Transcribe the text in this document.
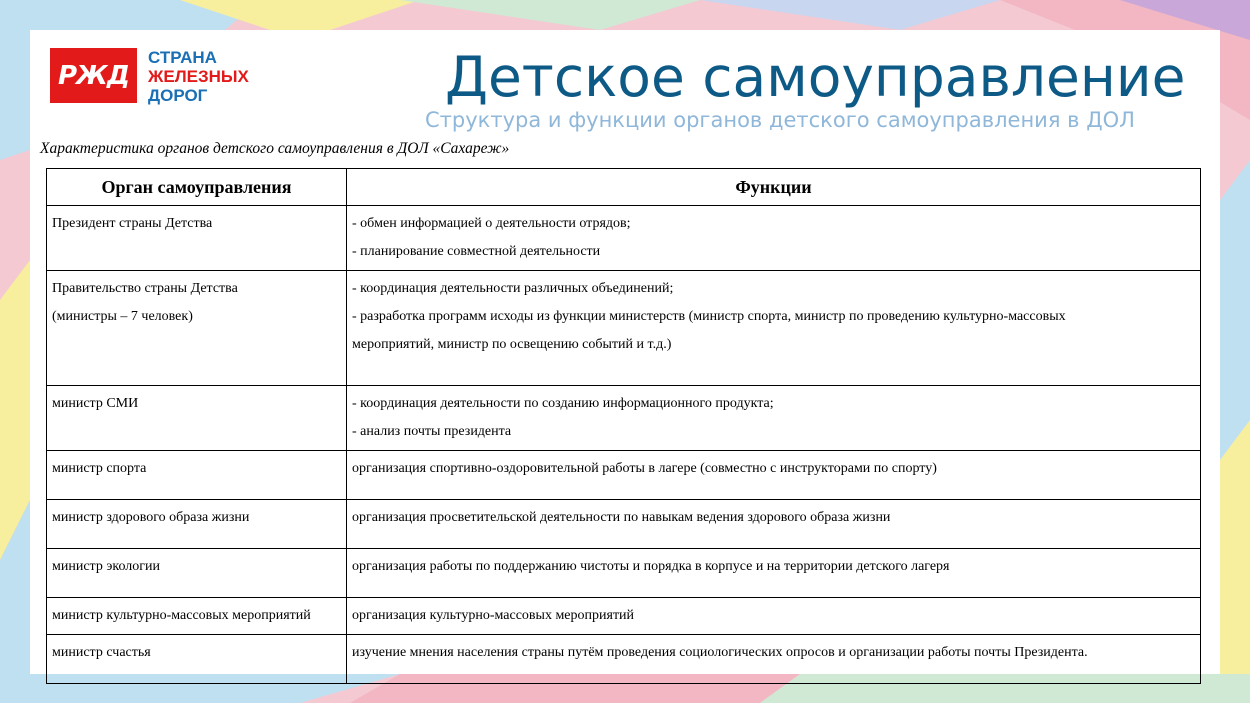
РЖД
СТРАНА
ЖЕЛЕЗНЫХ
ДОРОГ	Детское самоуправление
Структура и функции органов детского самоуправления в ДОЛ
Характеристика органов детского самоуправления в ДОЛ «Сахареж»
Орган самоуправления	Функции

Президент страны Детства	- обмен информацией о деятельности отрядов;
- планирование совместной деятельности

Правительство страны Детства
(министры – 7 человек)	- координация деятельности различных объединений;
- разработка программ исходы из функции министерств (министр спорта, министр по проведению культурно-массовых
мероприятий, министр по освещению событий и т.д.)

министр СМИ	- координация деятельности по созданию информационного продукта;
- анализ почты президента

министр спорта	организация спортивно-оздоровительной работы в лагере (совместно с инструкторами по спорту)

министр здорового образа жизни	организация просветительской деятельности по навыкам ведения здорового образа жизни

министр экологии	организация работы по поддержанию чистоты и порядка в корпусе и на территории детского лагеря

министр культурно-массовых мероприятий	организация культурно-массовых мероприятий

министр счастья	изучение мнения населения страны путём проведения социологических опросов и организации работы почты Президента.
